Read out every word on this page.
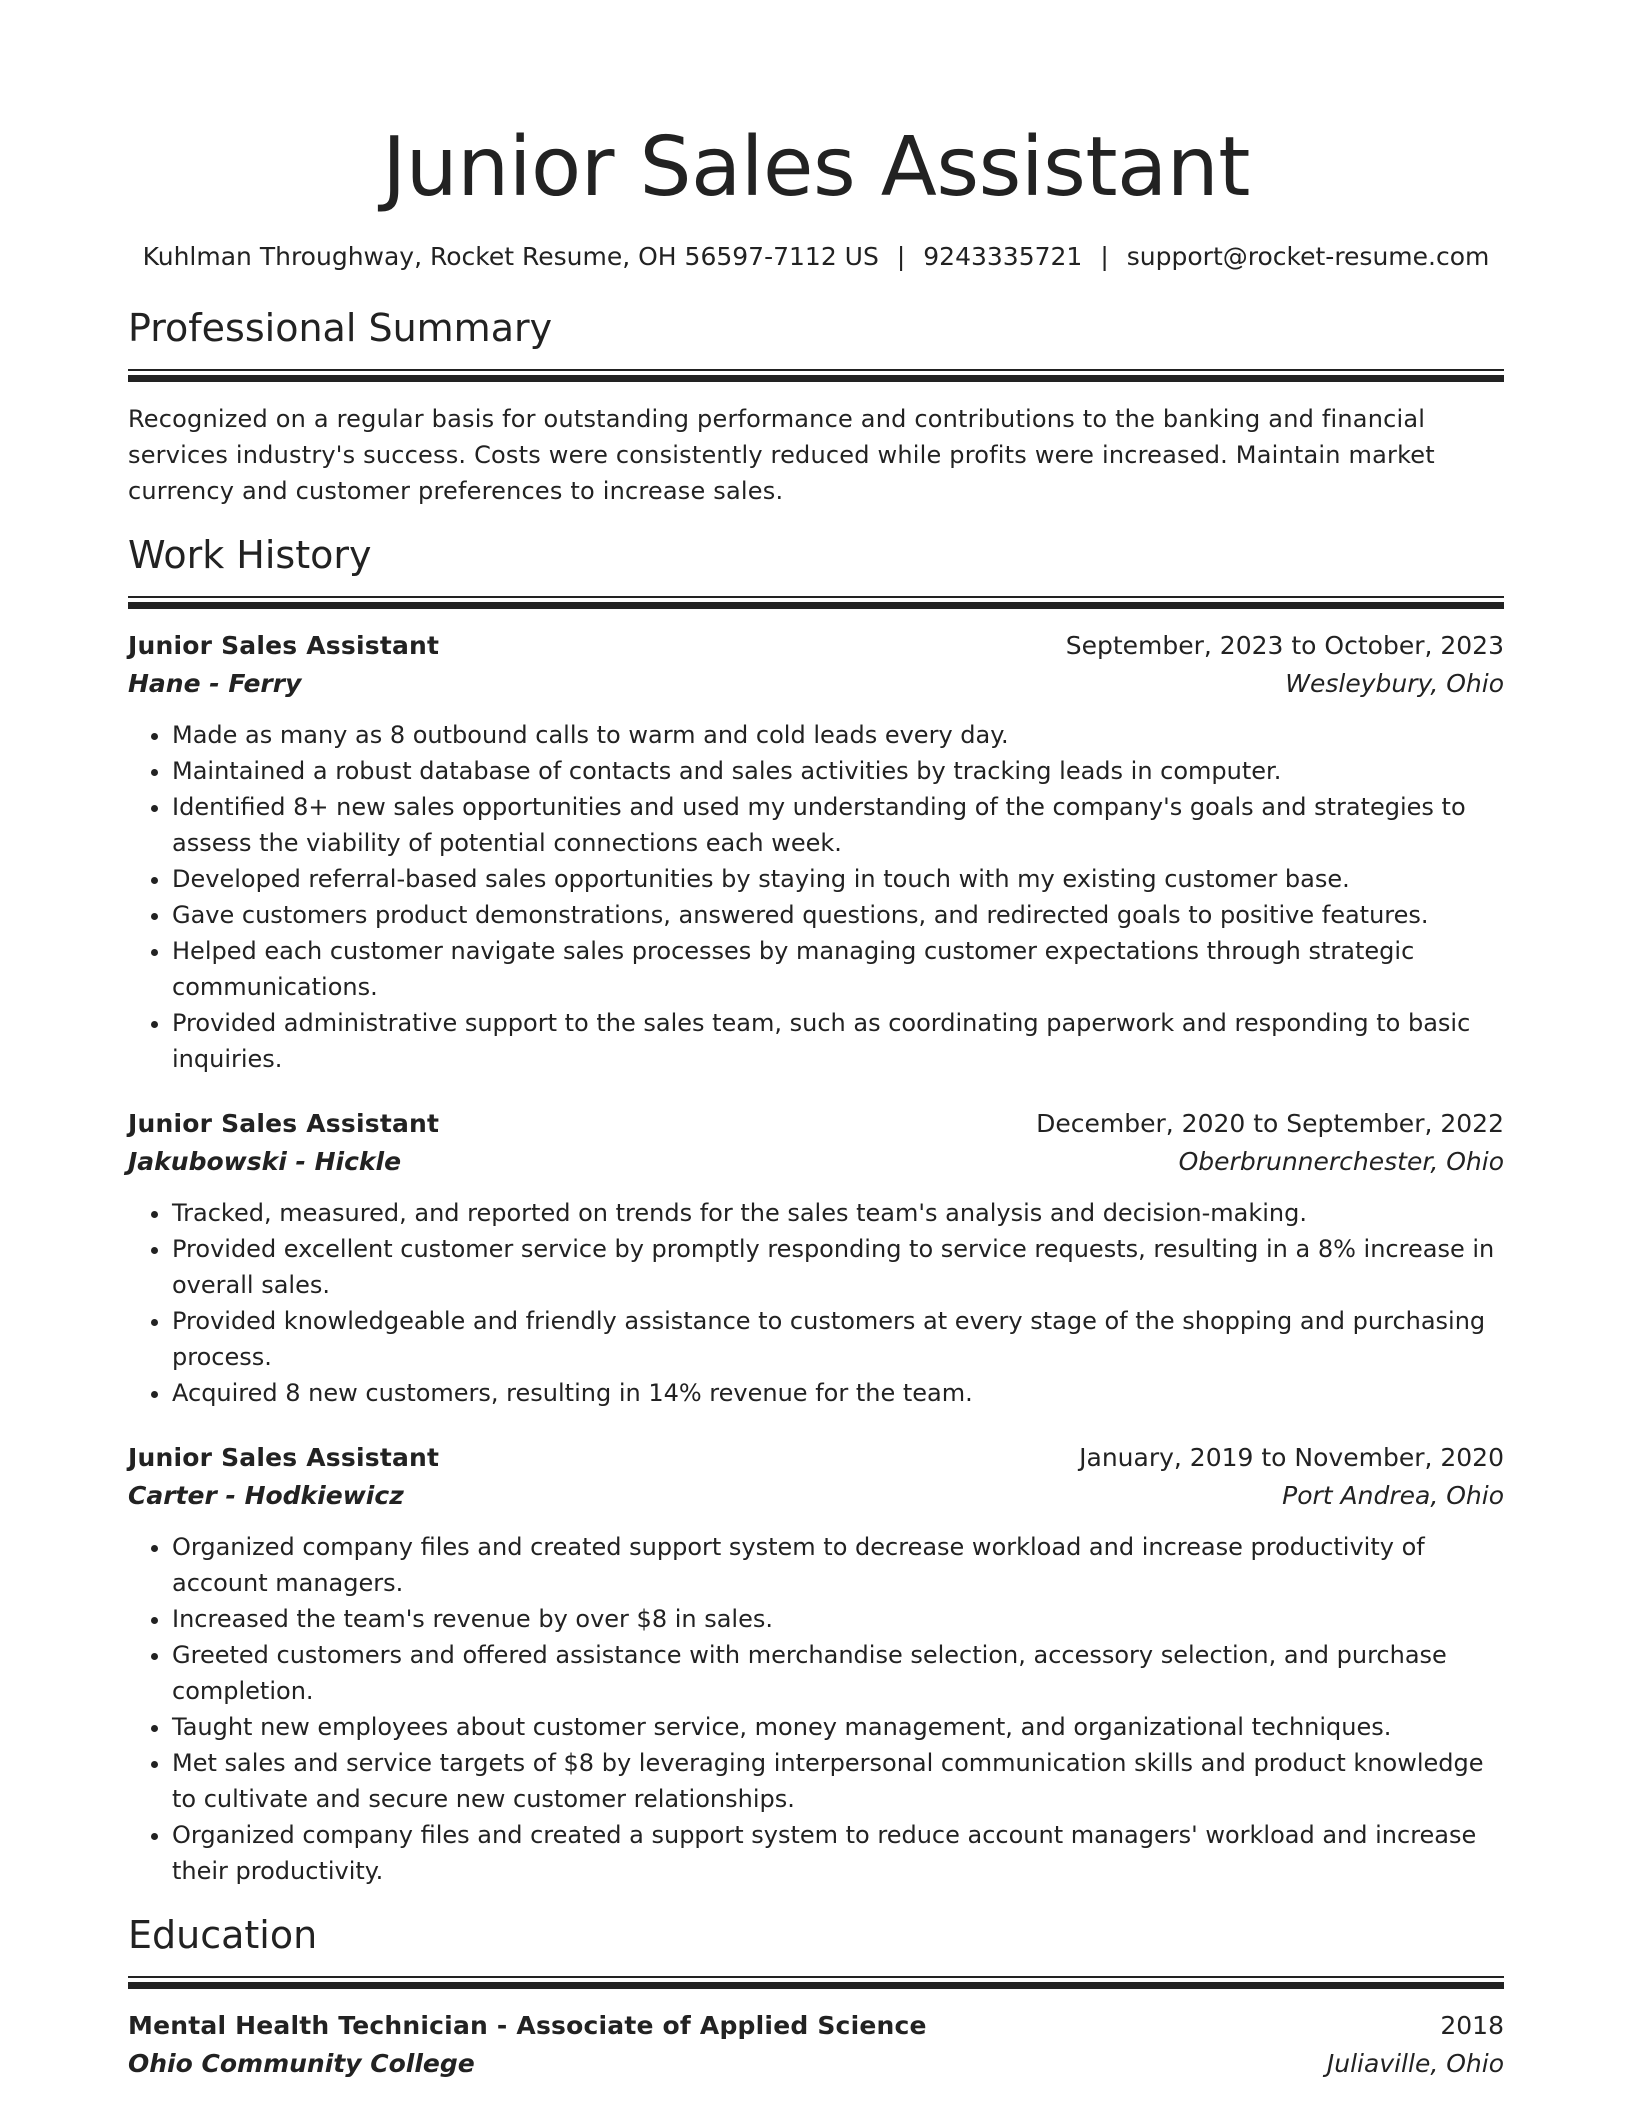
Junior Sales Assistant
Kuhlman Throughway, Rocket Resume, OH 56597-7112 US | 9243335721 | support@rocket-resume.com
Professional Summary
Recognized on a regular basis for outstanding performance and contributions to the banking and financial services industry's success. Costs were consistently reduced while profits were increased. Maintain market currency and customer preferences to increase sales.
Work History
Junior Sales Assistant	September, 2023 to October, 2023
Hane - Ferry	Wesleybury, Ohio
• Made as many as 8 outbound calls to warm and cold leads every day.
• Maintained a robust database of contacts and sales activities by tracking leads in computer.
• Identified 8+ new sales opportunities and used my understanding of the company's goals and strategies to assess the viability of potential connections each week.
• Developed referral-based sales opportunities by staying in touch with my existing customer base.
• Gave customers product demonstrations, answered questions, and redirected goals to positive features.
• Helped each customer navigate sales processes by managing customer expectations through strategic communications.
• Provided administrative support to the sales team, such as coordinating paperwork and responding to basic inquiries.
Junior Sales Assistant	December, 2020 to September, 2022
Jakubowski - Hickle	Oberbrunnerchester, Ohio
• Tracked, measured, and reported on trends for the sales team's analysis and decision-making.
• Provided excellent customer service by promptly responding to service requests, resulting in a 8% increase in overall sales.
• Provided knowledgeable and friendly assistance to customers at every stage of the shopping and purchasing process.
• Acquired 8 new customers, resulting in 14% revenue for the team.
Junior Sales Assistant	January, 2019 to November, 2020
Carter - Hodkiewicz	Port Andrea, Ohio
• Organized company files and created support system to decrease workload and increase productivity of account managers.
• Increased the team's revenue by over $8 in sales.
• Greeted customers and offered assistance with merchandise selection, accessory selection, and purchase completion.
• Taught new employees about customer service, money management, and organizational techniques.
• Met sales and service targets of $8 by leveraging interpersonal communication skills and product knowledge to cultivate and secure new customer relationships.
• Organized company files and created a support system to reduce account managers' workload and increase their productivity.
Education
Mental Health Technician - Associate of Applied Science	2018
Ohio Community College	Juliaville, Ohio
